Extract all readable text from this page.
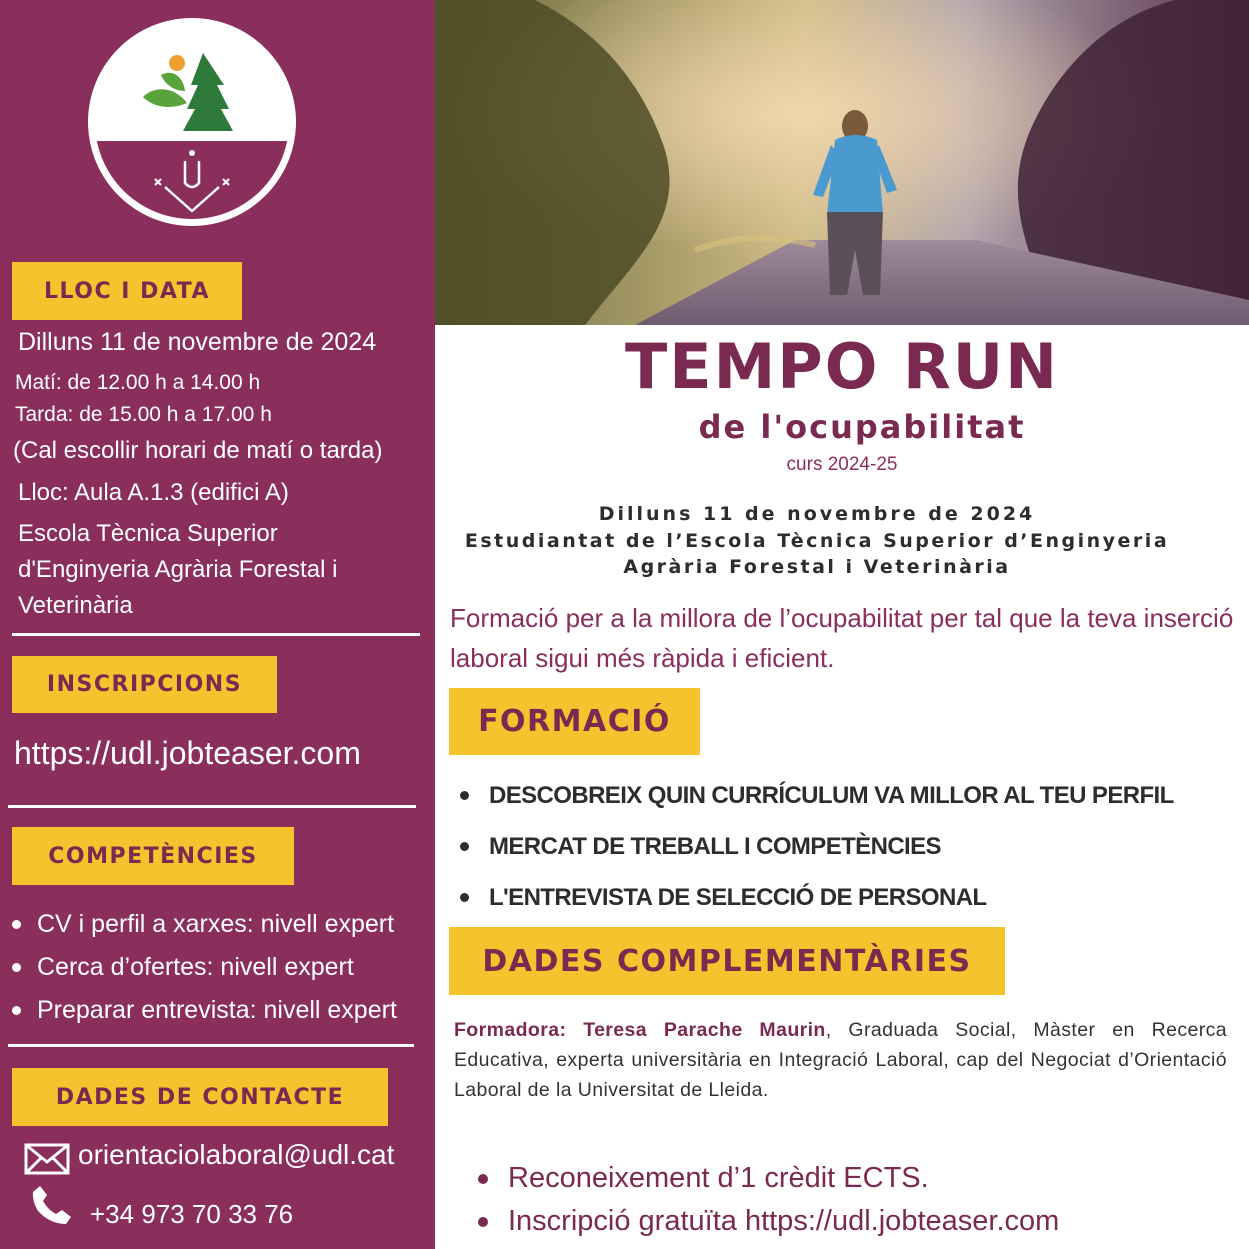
LLOC I DATA
Dilluns 11 de novembre de 2024
Matí: de 12.00 h a 14.00 h
Tarda: de 15.00 h a 17.00 h
(Cal escollir horari de matí o tarda)
Lloc: Aula A.1.3 (edifici A)
Escola Tècnica Superior
d'Enginyeria Agrària Forestal i
Veterinària
INSCRIPCIONS
https://udl.jobteaser.com
COMPETÈNCIES
CV i perfil a xarxes: nivell expert
Cerca d’ofertes: nivell expert
Preparar entrevista: nivell expert
DADES DE CONTACTE
orientaciolaboral@udl.cat
+34 973 70 33 76
TEMPO RUN
de l'ocupabilitat
curs 2024-25
Dilluns 11 de novembre de 2024
Estudiantat de l’Escola Tècnica Superior d’Enginyeria
Agrària Forestal i Veterinària
Formació per a la millora de l’ocupabilitat per tal que la teva inserció laboral sigui més ràpida i eficient.
FORMACIÓ
DESCOBREIX QUIN CURRÍCULUM VA MILLOR AL TEU PERFIL
MERCAT DE TREBALL I COMPETÈNCIES
L'ENTREVISTA DE SELECCIÓ DE PERSONAL
DADES COMPLEMENTÀRIES
Formadora: Teresa Parache Maurin, Graduada Social, Màster en Recerca Educativa, experta universitària en Integració Laboral, cap del Negociat d’Orientació Laboral de la Universitat de Lleida.
Reconeixement d’1 crèdit ECTS.
Inscripció gratuïta https://udl.jobteaser.com
